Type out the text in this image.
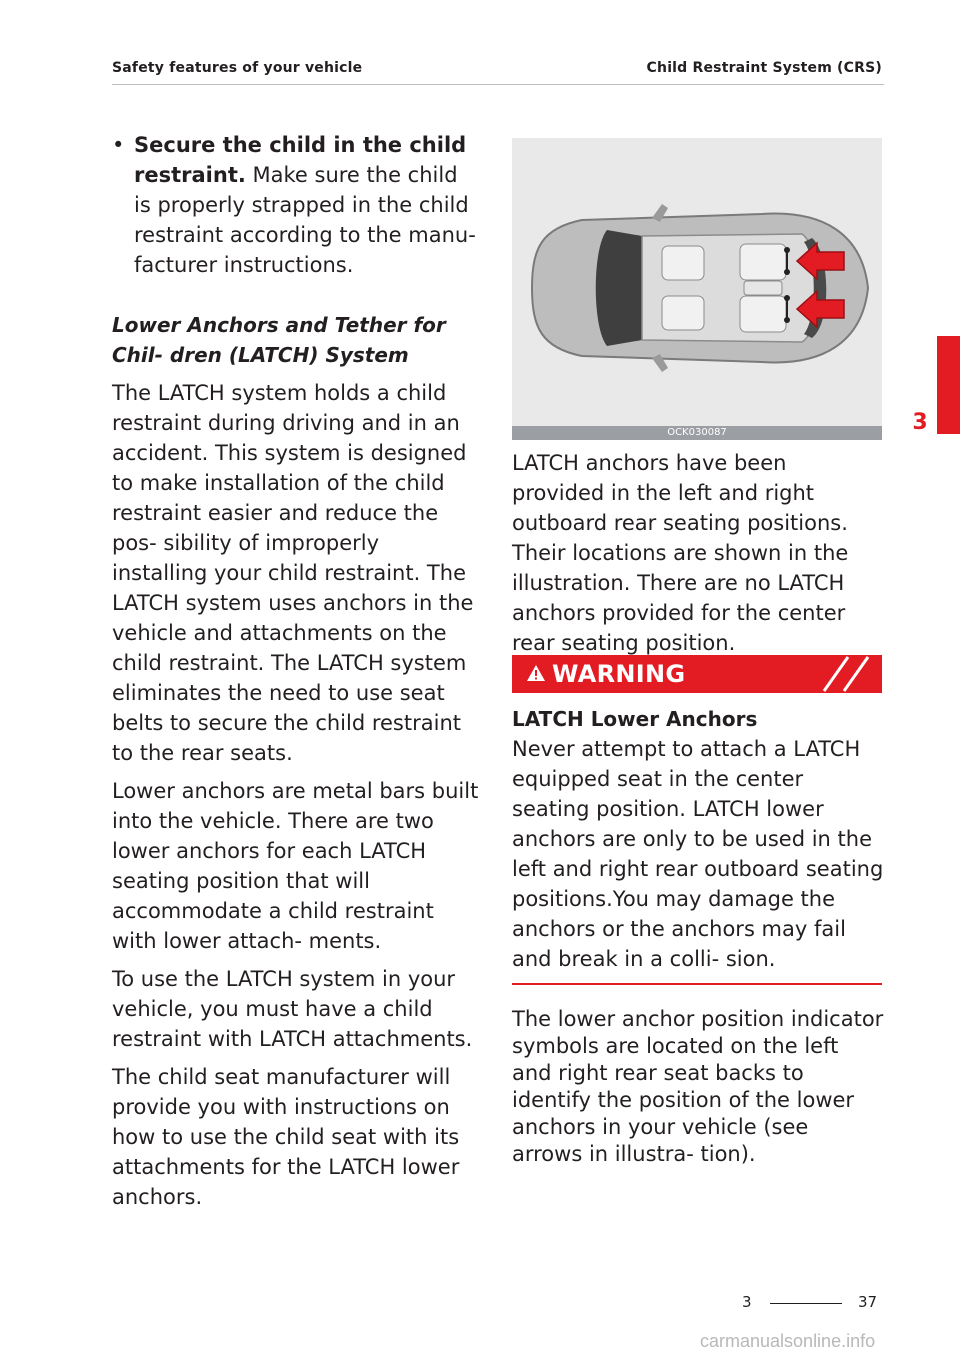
Safety features of your vehicle	Child Restraint System (CRS)
• Secure the child in the child restraint. Make sure the child is properly strapped in the child restraint according to the manu- facturer instructions.
Lower Anchors and Tether for Chil- dren (LATCH) System

The LATCH system holds a child restraint during driving and in an accident. This system is designed to make installation of the child restraint easier and reduce the pos- sibility of improperly installing your child restraint. The LATCH system uses anchors in the vehicle and attachments on the child restraint. The LATCH system eliminates the need to use seat belts to secure the child restraint to the rear seats.

Lower anchors are metal bars built into the vehicle. There are two lower anchors for each LATCH seating position that will accommodate a child restraint with lower attach- ments.

To use the LATCH system in your vehicle, you must have a child restraint with LATCH attachments.

The child seat manufacturer will provide you with instructions on how to use the child seat with its attachments for the LATCH lower anchors.

OCK030087

LATCH anchors have been provided in the left and right outboard rear seating positions. Their locations are shown in the illustration. There are no LATCH anchors provided for the center rear seating position.

WARNING
LATCH Lower Anchors
Never attempt to attach a LATCH equipped seat in the center seating position. LATCH lower anchors are only to be used in the left and right rear outboard seating positions.You may damage the anchors or the anchors may fail and break in a colli- sion.
The lower anchor position indicator symbols are located on the left and right rear seat backs to identify the position of the lower anchors in your vehicle (see arrows in illustra- tion).
3
3	37
carmanualsonline.info
